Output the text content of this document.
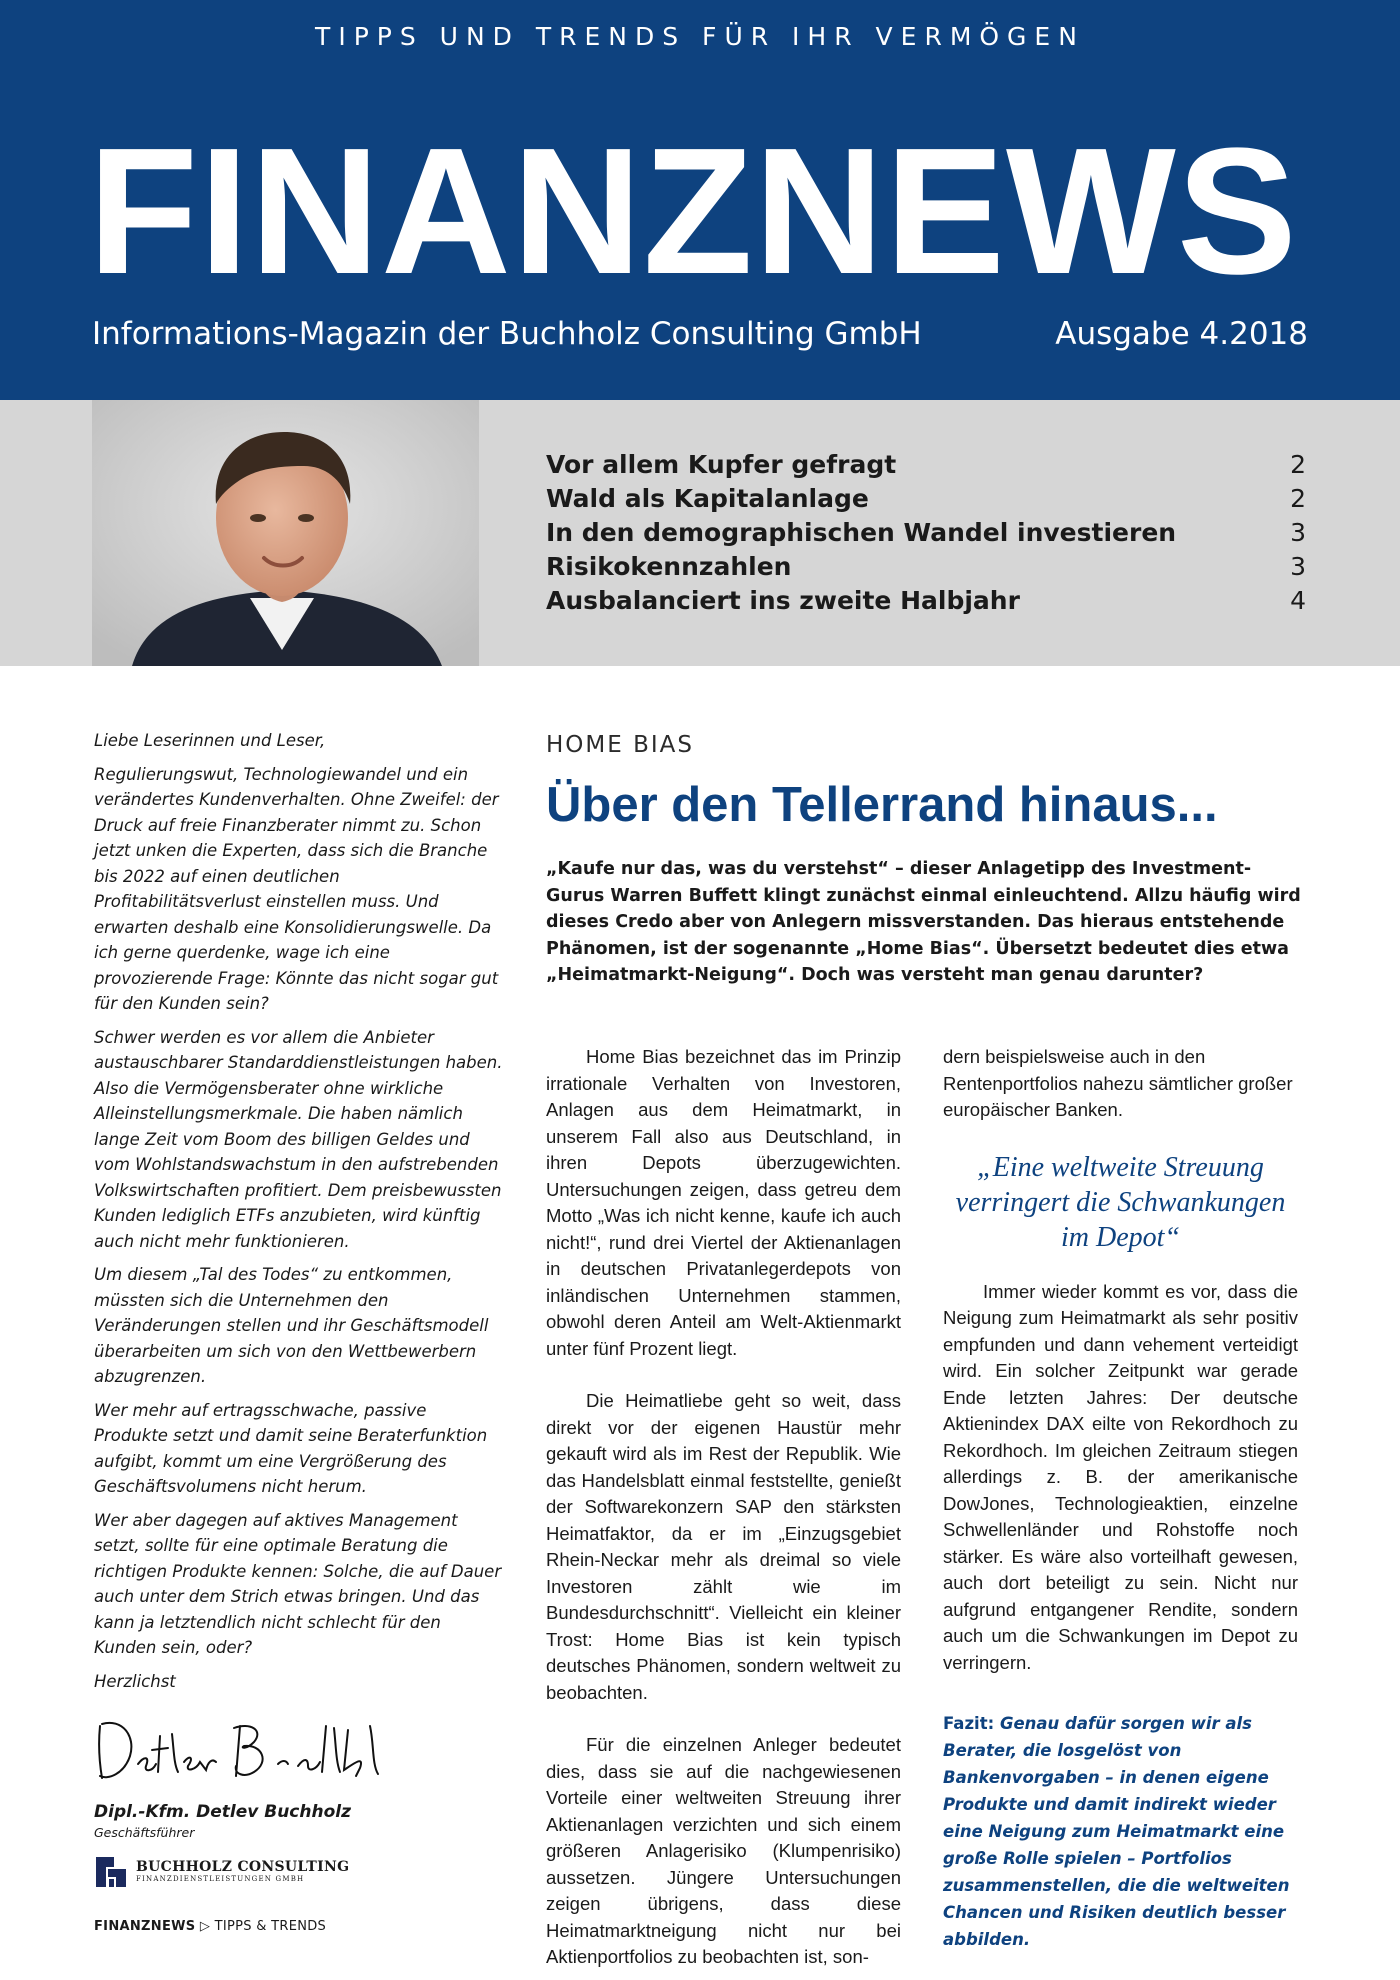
TIPPS UND TRENDS FÜR IHR VERMÖGEN
FINANZNEWS
Informations-Magazin der Buchholz Consulting GmbH	Ausgabe 4.2018
Vor allem Kupfer gefragt	2
Wald als Kapitalanlage	2
In den demographischen Wandel investieren	3
Risikokennzahlen	3
Ausbalanciert ins zweite Halbjahr	4

Liebe Leserinnen und Leser,

Regulierungswut, Technologiewandel und ein verändertes Kundenverhalten. Ohne Zweifel: der Druck auf freie Finanzberater nimmt zu. Schon jetzt unken die Experten, dass sich die Branche bis 2022 auf einen deutlichen Profitabilitätsverlust einstellen muss. Und erwarten deshalb eine Konsolidierungswelle. Da ich gerne querdenke, wage ich eine provozierende Frage: Könnte das nicht sogar gut für den Kunden sein?

Schwer werden es vor allem die Anbieter austauschbarer Standarddienstleistungen haben. Also die Vermögensberater ohne wirkliche Alleinstellungsmerkmale. Die haben nämlich lange Zeit vom Boom des billigen Geldes und vom Wohlstandswachstum in den aufstrebenden Volkswirtschaften profitiert. Dem preisbewussten Kunden lediglich ETFs anzubieten, wird künftig auch nicht mehr funktionieren.

Um diesem „Tal des Todes“ zu entkommen, müssten sich die Unternehmen den Veränderungen stellen und ihr Geschäftsmodell überarbeiten um sich von den Wettbewerbern abzugrenzen.

Wer mehr auf ertragsschwache, passive Produkte setzt und damit seine Beraterfunktion aufgibt, kommt um eine Vergrößerung des Geschäftsvolumens nicht herum.

Wer aber dagegen auf aktives Management setzt, sollte für eine optimale Beratung die richtigen Produkte kennen: Solche, die auf Dauer auch unter dem Strich etwas bringen. Und das kann ja letztendlich nicht schlecht für den Kunden sein, oder?

Herzlichst

Dipl.-Kfm. Detlev Buchholz
Geschäftsführer
BUCHHOLZ CONSULTING
FINANZDIENSTLEISTUNGEN GMBH
FINANZNEWS ▷ TIPPS & TRENDS
HOME BIAS
Über den Tellerrand hinaus...
„Kaufe nur das, was du verstehst“ – dieser Anlagetipp des Investment-Gurus Warren Buffett klingt zunächst einmal einleuchtend. Allzu häufig wird dieses Credo aber von Anlegern missverstanden. Das hieraus entstehende Phänomen, ist der sogenannte „Home Bias“. Übersetzt bedeutet dies etwa „Heimatmarkt-Neigung“. Doch was versteht man genau darunter?

Home Bias bezeichnet das im Prinzip irrationale Verhalten von Investoren, Anlagen aus dem Heimatmarkt, in unserem Fall also aus Deutschland, in ihren Depots überzugewichten. Untersuchungen zeigen, dass getreu dem Motto „Was ich nicht kenne, kaufe ich auch nicht!“, rund drei Viertel der Aktienanlagen in deutschen Privatanlegerdepots von inländischen Unternehmen stammen, obwohl deren Anteil am Welt-Aktienmarkt unter fünf Prozent liegt.

Die Heimatliebe geht so weit, dass direkt vor der eigenen Haustür mehr gekauft wird als im Rest der Republik. Wie das Handelsblatt einmal feststellte, genießt der Softwarekonzern SAP den stärksten Heimatfaktor, da er im „Einzugsgebiet Rhein-Neckar mehr als dreimal so viele Investoren zählt wie im Bundesdurchschnitt“. Vielleicht ein kleiner Trost: Home Bias ist kein typisch deutsches Phänomen, sondern weltweit zu beobachten.

Für die einzelnen Anleger bedeutet dies, dass sie auf die nachgewiesenen Vorteile einer weltweiten Streuung ihrer Aktienanlagen verzichten und sich einem größeren Anlagerisiko (Klumpenrisiko) aussetzen. Jüngere Untersuchungen zeigen übrigens, dass diese Heimatmarktneigung nicht nur bei Aktienportfolios zu beobachten ist, son-

dern beispielsweise auch in den Rentenportfolios nahezu sämtlicher großer europäischer Banken.

„Eine weltweite Streuung verringert die Schwankungen im Depot“

Immer wieder kommt es vor, dass die Neigung zum Heimatmarkt als sehr positiv empfunden und dann vehement verteidigt wird. Ein solcher Zeitpunkt war gerade Ende letzten Jahres: Der deutsche Aktienindex DAX eilte von Rekordhoch zu Rekordhoch. Im gleichen Zeitraum stiegen allerdings z. B. der amerikanische DowJones, Technologieaktien, einzelne Schwellenländer und Rohstoffe noch stärker. Es wäre also vorteilhaft gewesen, auch dort beteiligt zu sein. Nicht nur aufgrund entgangener Rendite, sondern auch um die Schwankungen im Depot zu verringern.

Fazit: Genau dafür sorgen wir als Berater, die losgelöst von Bankenvorgaben – in denen eigene Produkte und damit indirekt wieder eine Neigung zum Heimatmarkt eine große Rolle spielen – Portfolios zusammenstellen, die die weltweiten Chancen und Risiken deutlich besser abbilden.
